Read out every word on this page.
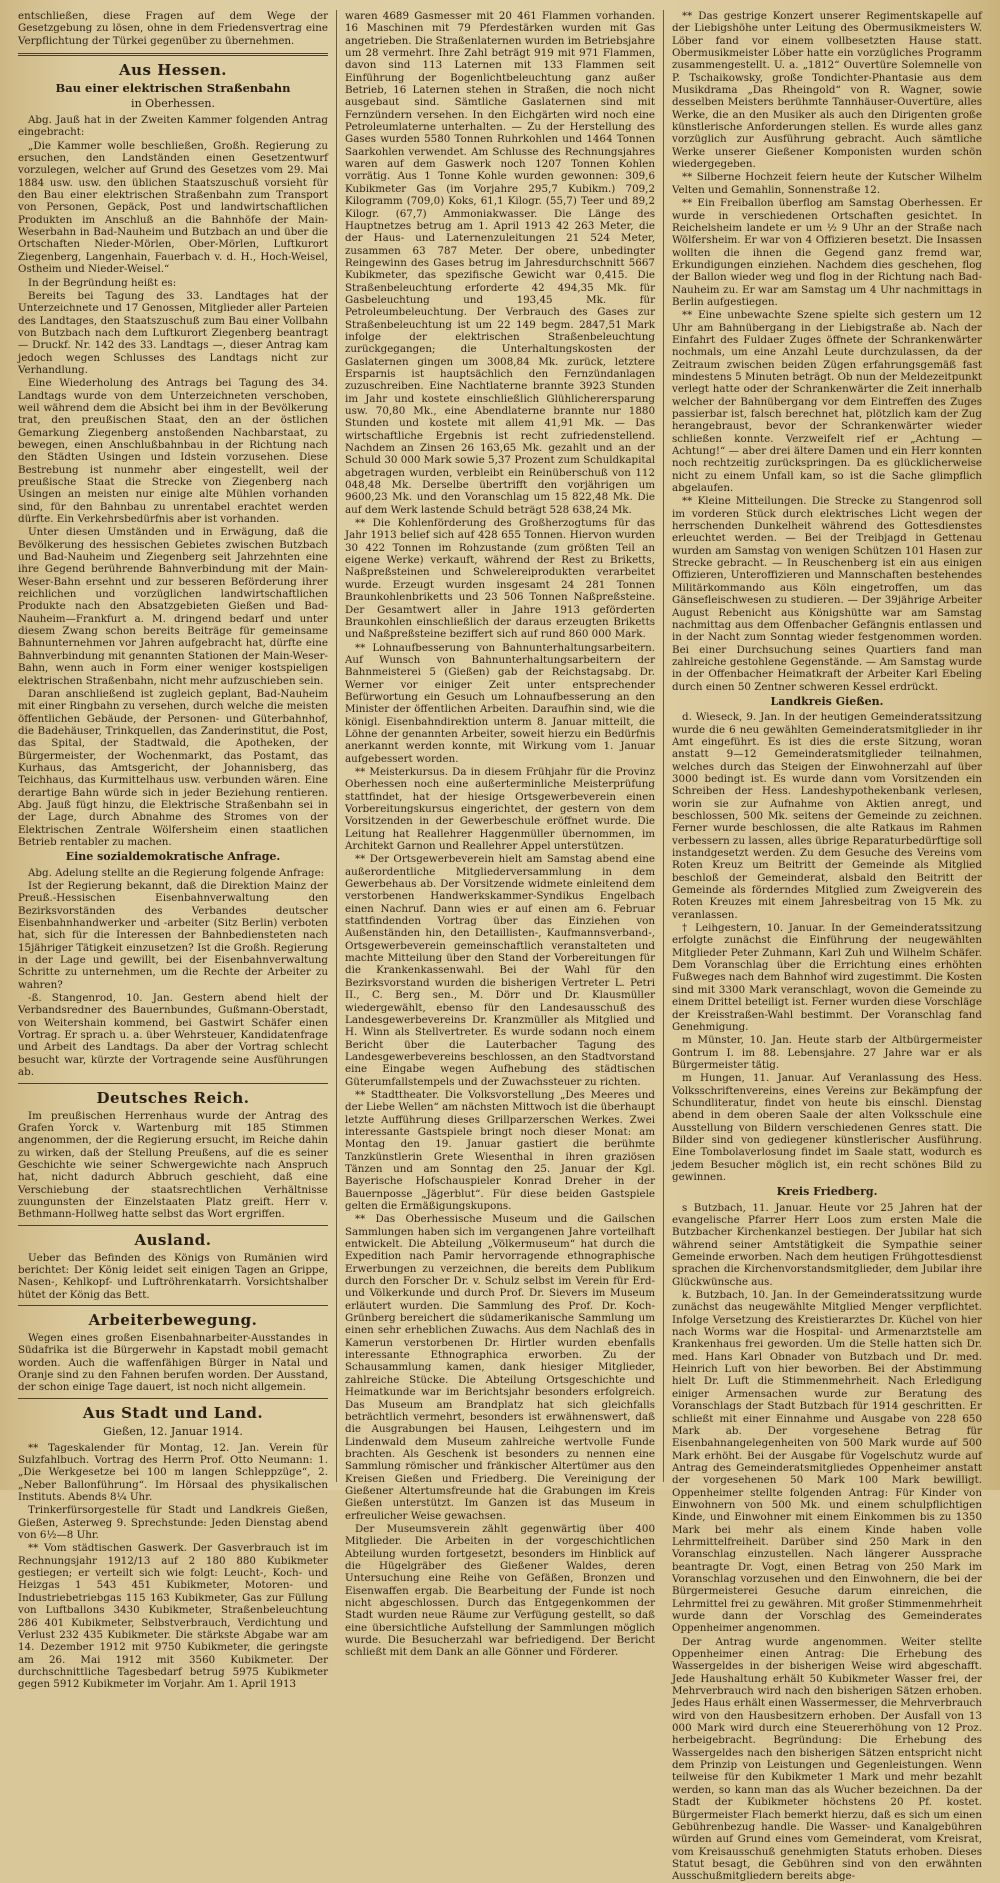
entschließen, diese Fragen auf dem Wege der Gesetzgebung zu lösen, ohne in dem Friedensvertrag eine Verpflichtung der Türkei gegenüber zu übernehmen.

Aus Hessen.
Bau einer elektrischen Straßenbahn
in Oberhessen.

Abg. Jauß hat in der Zweiten Kammer folgenden Antrag eingebracht:

„Die Kammer wolle beschließen, Großh. Regierung zu ersuchen, den Landständen einen Gesetzentwurf vorzulegen, welcher auf Grund des Gesetzes vom 29. Mai 1884 usw. usw. den üblichen Staatszuschuß vorsieht für den Bau einer elektrischen Straßenbahn zum Transport von Personen, Gepäck, Post und landwirtschaftlichen Produkten im Anschluß an die Bahnhöfe der Main-Weserbahn in Bad-Nauheim und Butzbach an und über die Ortschaften Nieder-Mörlen, Ober-Mörlen, Luftkurort Ziegenberg, Langenhain, Fauerbach v. d. H., Hoch-Weisel, Ostheim und Nieder-Weisel.“

In der Begründung heißt es:

Bereits bei Tagung des 33. Landtages hat der Unterzeichnete und 17 Genossen, Mitglieder aller Parteien des Landtages, den Staatszuschuß zum Bau einer Vollbahn von Butzbach nach dem Luftkurort Ziegenberg beantragt — Druckf. Nr. 142 des 33. Landtags —, dieser Antrag kam jedoch wegen Schlusses des Landtags nicht zur Verhandlung.

Eine Wiederholung des Antrags bei Tagung des 34. Landtags wurde von dem Unterzeichneten verschoben, weil während dem die Absicht bei ihm in der Bevölkerung trat, den preußischen Staat, den an der östlichen Gemarkung Ziegenberg anstoßenden Nachbarstaat, zu bewegen, einen Anschlußbahnbau in der Richtung nach den Städten Usingen und Idstein vorzusehen. Diese Bestrebung ist nunmehr aber eingestellt, weil der preußische Staat die Strecke von Ziegenberg nach Usingen an meisten nur einige alte Mühlen vorhanden sind, für den Bahnbau zu unrentabel erachtet werden dürfte. Ein Verkehrsbedürfnis aber ist vorhanden.

Unter diesen Umständen und in Erwägung, daß die Bevölkerung des hessischen Gebietes zwischen Butzbach und Bad-Nauheim und Ziegenberg seit Jahrzehnten eine ihre Gegend berührende Bahnverbindung mit der Main-Weser-Bahn ersehnt und zur besseren Beförderung ihrer reichlichen und vorzüglichen landwirtschaftlichen Produkte nach den Absatzgebieten Gießen und Bad-Nauheim—Frankfurt a. M. dringend bedarf und unter diesem Zwang schon bereits Beiträge für gemeinsame Bahnunternehmen vor Jahren aufgebracht hat, dürfte eine Bahnverbindung mit genannten Stationen der Main-Weser-Bahn, wenn auch in Form einer weniger kostspieligen elektrischen Straßenbahn, nicht mehr aufzuschieben sein.

Daran anschließend ist zugleich geplant, Bad-Nauheim mit einer Ringbahn zu versehen, durch welche die meisten öffentlichen Gebäude, der Personen- und Güterbahnhof, die Badehäuser, Trinkquellen, das Zanderinstitut, die Post, das Spital, der Stadtwald, die Apotheken, der Bürgermeister, der Wochenmarkt, das Postamt, das Kurhaus, das Amtsgericht, der Johannisberg, das Teichhaus, das Kurmittelhaus usw. verbunden wären. Eine derartige Bahn würde sich in jeder Beziehung rentieren. Abg. Jauß fügt hinzu, die Elektrische Straßenbahn sei in der Lage, durch Abnahme des Stromes von der Elektrischen Zentrale Wölfersheim einen staatlichen Betrieb rentabler zu machen.

Eine sozialdemokratische Anfrage.

Abg. Adelung stellte an die Regierung folgende Anfrage:

Ist der Regierung bekannt, daß die Direktion Mainz der Preuß.-Hessischen Eisenbahnverwaltung den Bezirksvorständen des Verbandes deutscher Eisenbahnhandwerker und -arbeiter (Sitz Berlin) verboten hat, sich für die Interessen der Bahnbediensteten nach 15jähriger Tätigkeit einzusetzen? Ist die Großh. Regierung in der Lage und gewillt, bei der Eisenbahnverwaltung Schritte zu unternehmen, um die Rechte der Arbeiter zu wahren?

-ß. Stangenrod, 10. Jan. Gestern abend hielt der Verbandsredner des Bauernbundes, Gußmann-Oberstadt, von Weitershain kommend, bei Gastwirt Schäfer einen Vortrag. Er sprach u. a. über Wehrsteuer, Kandidatenfrage und Arbeit des Landtags. Da aber der Vortrag schlecht besucht war, kürzte der Vortragende seine Ausführungen ab.

Deutsches Reich.

Im preußischen Herrenhaus wurde der Antrag des Grafen Yorck v. Wartenburg mit 185 Stimmen angenommen, der die Regierung ersucht, im Reiche dahin zu wirken, daß der Stellung Preußens, auf die es seiner Geschichte wie seiner Schwergewichte nach Anspruch hat, nicht dadurch Abbruch geschieht, daß eine Verschiebung der staatsrechtlichen Verhältnisse zuungunsten der Einzelstaaten Platz greift. Herr v. Bethmann-Hollweg hatte selbst das Wort ergriffen.

Ausland.

Ueber das Befinden des Königs von Rumänien wird berichtet: Der König leidet seit einigen Tagen an Grippe, Nasen-, Kehlkopf- und Luftröhrenkatarrh. Vorsichtshalber hütet der König das Bett.

Arbeiterbewegung.

Wegen eines großen Eisenbahnarbeiter-Ausstandes in Südafrika ist die Bürgerwehr in Kapstadt mobil gemacht worden. Auch die waffenfähigen Bürger in Natal und Oranje sind zu den Fahnen berufen worden. Der Ausstand, der schon einige Tage dauert, ist noch nicht allgemein.

Aus Stadt und Land.
Gießen, 12. Januar 1914.

** Tageskalender für Montag, 12. Jan. Verein für Sulzfahlbuch. Vortrag des Herrn Prof. Otto Neumann: 1. „Die Werkgesetze bei 100 m langen Schleppzüge“, 2. „Neber Ballonführung“. Im Hörsaal des physikalischen Instituts. Abends 8¼ Uhr.

Trinkerfürsorgestelle für Stadt und Landkreis Gießen, Gießen, Asterweg 9. Sprechstunde: Jeden Dienstag abend von 6½—8 Uhr.

** Vom städtischen Gaswerk. Der Gasverbrauch ist im Rechnungsjahr 1912/13 auf 2 180 880 Kubikmeter gestiegen; er verteilt sich wie folgt: Leucht-, Koch- und Heizgas 1 543 451 Kubikmeter, Motoren- und Industriebetriebgas 115 163 Kubikmeter, Gas zur Füllung von Luftballons 3430 Kubikmeter, Straßenbeleuchtung 286 401 Kubikmeter, Selbstverbrauch, Verdichtung und Verlust 232 435 Kubikmeter. Die stärkste Abgabe war am 14. Dezember 1912 mit 9750 Kubikmeter, die geringste am 26. Mai 1912 mit 3560 Kubikmeter. Der durchschnittliche Tagesbedarf betrug 5975 Kubikmeter gegen 5912 Kubikmeter im Vorjahr. Am 1. April 1913

waren 4689 Gasmesser mit 20 461 Flammen vorhanden. 16 Maschinen mit 79 Pferdestärken wurden mit Gas angetrieben. Die Straßenlaternen wurden im Betriebsjahre um 28 vermehrt. Ihre Zahl beträgt 919 mit 971 Flammen, davon sind 113 Laternen mit 133 Flammen seit Einführung der Bogenlichtbeleuchtung ganz außer Betrieb, 16 Laternen stehen in Straßen, die noch nicht ausgebaut sind. Sämtliche Gaslaternen sind mit Fernzündern versehen. In den Eichgärten wird noch eine Petroleumlaterne unterhalten. — Zu der Herstellung des Gases wurden 5580 Tonnen Ruhrkohlen und 1464 Tonnen Saarkohlen verwendet. Am Schlusse des Rechnungsjahres waren auf dem Gaswerk noch 1207 Tonnen Kohlen vorrätig. Aus 1 Tonne Kohle wurden gewonnen: 309,6 Kubikmeter Gas (im Vorjahre 295,7 Kubikm.) 709,2 Kilogramm (709,0) Koks, 61,1 Kilogr. (55,7) Teer und 89,2 Kilogr. (67,7) Ammoniakwasser. Die Länge des Hauptnetzes betrug am 1. April 1913 42 263 Meter, die der Haus- und Laternenzuleitungen 21 524 Meter, zusammen 63 787 Meter. Der obere, unbedingter Reingewinn des Gases betrug im Jahresdurchschnitt 5667 Kubikmeter, das spezifische Gewicht war 0,415. Die Straßenbeleuchtung erforderte 42 494,35 Mk. für Gasbeleuchtung und 193,45 Mk. für Petroleumbeleuchtung. Der Verbrauch des Gases zur Straßenbeleuchtung ist um 22 149 begm. 2847,51 Mark infolge der elektrischen Straßenbeleuchtung zurückgegangen; die Unterhaltungskosten der Gaslaternen gingen um 3008,84 Mk. zurück, letztere Ersparnis ist hauptsächlich den Fernzündanlagen zuzuschreiben. Eine Nachtlaterne brannte 3923 Stunden im Jahr und kostete einschließlich Glühlicherersparung usw. 70,80 Mk., eine Abendlaterne brannte nur 1880 Stunden und kostete mit allem 41,91 Mk. — Das wirtschaftliche Ergebnis ist recht zufriedenstellend. Nachdem an Zinsen 26 163,65 Mk. gezahlt und an der Schuld 30 000 Mark sowie 5,37 Prozent zum Schuldkapital abgetragen wurden, verbleibt ein Reinüberschuß von 112 048,48 Mk. Derselbe übertrifft den vorjährigen um 9600,23 Mk. und den Voranschlag um 15 822,48 Mk. Die auf dem Werk lastende Schuld beträgt 528 638,24 Mk.

** Die Kohlenförderung des Großherzogtums für das Jahr 1913 belief sich auf 428 655 Tonnen. Hiervon wurden 30 422 Tonnen im Rohzustande (zum größten Teil an eigene Werke) verkauft, während der Rest zu Briketts, Naßpreßsteinen und Schwelereiprodukten verarbeitet wurde. Erzeugt wurden insgesamt 24 281 Tonnen Braunkohlenbriketts und 23 506 Tonnen Naßpreßsteine. Der Gesamtwert aller in Jahre 1913 geförderten Braunkohlen einschließlich der daraus erzeugten Briketts und Naßpreßsteine beziffert sich auf rund 860 000 Mark.

** Lohnaufbesserung von Bahnunterhaltungsarbeitern. Auf Wunsch von Bahnunterhaltungsarbeitern der Bahnmeisterei 5 (Gießen) gab der Reichstagsabg. Dr. Werner vor einiger Zeit unter entsprechender Befürwortung ein Gesuch um Lohnaufbesserung an den Minister der öffentlichen Arbeiten. Daraufhin sind, wie die königl. Eisenbahndirektion unterm 8. Januar mitteilt, die Löhne der genannten Arbeiter, soweit hierzu ein Bedürfnis anerkannt werden konnte, mit Wirkung vom 1. Januar aufgebessert worden.

** Meisterkursus. Da in diesem Frühjahr für die Provinz Oberhessen noch eine außerterminliche Meisterprüfung stattfindet, hat der hiesige Ortsgewerbeverein einen Vorbereitungskursus eingerichtet, der gestern von dem Vorsitzenden in der Gewerbeschule eröffnet wurde. Die Leitung hat Reallehrer Haggenmüller übernommen, im Architekt Garnon und Reallehrer Appel unterstützen.

** Der Ortsgewerbeverein hielt am Samstag abend eine außerordentliche Mitgliederversammlung in dem Gewerbehaus ab. Der Vorsitzende widmete einleitend dem verstorbenen Handwerkskammer-Syndikus Engelbach einen Nachruf. Dann wies er auf einen am 6. Februar stattfindenden Vortrag über das Einziehen von Außenständen hin, den Detaillisten-, Kaufmannsverband-, Ortsgewerbeverein gemeinschaftlich veranstalteten und machte Mitteilung über den Stand der Vorbereitungen für die Krankenkassenwahl. Bei der Wahl für den Bezirksvorstand wurden die bisherigen Vertreter L. Petri II., C. Berg sen., M. Dörr und Dr. Klausmüller wiedergewählt, ebenso für den Landesausschuß des Landesgewerbevereins Dr. Kranzmüller als Mitglied und H. Winn als Stellvertreter. Es wurde sodann noch einem Bericht über die Lauterbacher Tagung des Landesgewerbevereins beschlossen, an den Stadtvorstand eine Eingabe wegen Aufhebung des städtischen Güterumfallstempels und der Zuwachssteuer zu richten.

** Stadttheater. Die Volksvorstellung „Des Meeres und der Liebe Wellen“ am nächsten Mittwoch ist die überhaupt letzte Aufführung dieses Grillparzerschen Werkes. Zwei interessante Gastspiele bringt noch dieser Monat: am Montag den 19. Januar gastiert die berühmte Tanzkünstlerin Grete Wiesenthal in ihren graziösen Tänzen und am Sonntag den 25. Januar der Kgl. Bayerische Hofschauspieler Konrad Dreher in der Bauernposse „Jägerblut“. Für diese beiden Gastspiele gelten die Ermäßigungskupons.

** Das Oberhessische Museum und die Gailschen Sammlungen haben sich im vergangenen Jahre vorteilhaft entwickelt. Die Abteilung „Völkermuseum“ hat durch die Expedition nach Pamir hervorragende ethnographische Erwerbungen zu verzeichnen, die bereits dem Publikum durch den Forscher Dr. v. Schulz selbst im Verein für Erd- und Völkerkunde und durch Prof. Dr. Sievers im Museum erläutert wurden. Die Sammlung des Prof. Dr. Koch-Grünberg bereichert die südamerikanische Sammlung um einen sehr erheblichen Zuwachs. Aus dem Nachlaß des in Kamerun verstorbenen Dr. Hirtler wurden ebenfalls interessante Ethnographica erworben. Zu der Schausammlung kamen, dank hiesiger Mitglieder, zahlreiche Stücke. Die Abteilung Ortsgeschichte und Heimatkunde war im Berichtsjahr besonders erfolgreich. Das Museum am Brandplatz hat sich gleichfalls beträchtlich vermehrt, besonders ist erwähnenswert, daß die Ausgrabungen bei Hausen, Leihgestern und im Lindenwald dem Museum zahlreiche wertvolle Funde brachten. Als Geschenk ist besonders zu nennen eine Sammlung römischer und fränkischer Altertümer aus den Kreisen Gießen und Friedberg. Die Vereinigung der Gießener Altertumsfreunde hat die Grabungen im Kreis Gießen unterstützt. Im Ganzen ist das Museum in erfreulicher Weise gewachsen.

Der Museumsverein zählt gegenwärtig über 400 Mitglieder. Die Arbeiten in der vorgeschichtlichen Abteilung wurden fortgesetzt, besonders im Hinblick auf die Hügelgräber des Gießener Waldes, deren Untersuchung eine Reihe von Gefäßen, Bronzen und Eisenwaffen ergab. Die Bearbeitung der Funde ist noch nicht abgeschlossen. Durch das Entgegenkommen der Stadt wurden neue Räume zur Verfügung gestellt, so daß eine übersichtliche Aufstellung der Sammlungen möglich wurde. Die Besucherzahl war befriedigend. Der Bericht schließt mit dem Dank an alle Gönner und Förderer.

** Das gestrige Konzert unserer Regimentskapelle auf der Liebigshöhe unter Leitung des Obermusikmeisters W. Löber fand vor einem vollbesetzten Hause statt. Obermusikmeister Löber hatte ein vorzügliches Programm zusammengestellt. U. a. „1812“ Ouvertüre Solemnelle von P. Tschaikowsky, große Tondichter-Phantasie aus dem Musikdrama „Das Rheingold“ von R. Wagner, sowie desselben Meisters berühmte Tannhäuser-Ouvertüre, alles Werke, die an den Musiker als auch den Dirigenten große künstlerische Anforderungen stellen. Es wurde alles ganz vorzüglich zur Ausführung gebracht. Auch sämtliche Werke unserer Gießener Komponisten wurden schön wiedergegeben.

** Silberne Hochzeit feiern heute der Kutscher Wilhelm Velten und Gemahlin, Sonnenstraße 12.

** Ein Freiballon überflog am Samstag Oberhessen. Er wurde in verschiedenen Ortschaften gesichtet. In Reichelsheim landete er um ½ 9 Uhr an der Straße nach Wölfersheim. Er war von 4 Offizieren besetzt. Die Insassen wollten die ihnen die Gegend ganz fremd war, Erkundigungen einziehen. Nachdem dies geschehen, flog der Ballon wieder weg und flog in der Richtung nach Bad-Nauheim zu. Er war am Samstag um 4 Uhr nachmittags in Berlin aufgestiegen.

** Eine unbewachte Szene spielte sich gestern um 12 Uhr am Bahnübergang in der Liebigstraße ab. Nach der Einfahrt des Fuldaer Zuges öffnete der Schrankenwärter nochmals, um eine Anzahl Leute durchzulassen, da der Zeitraum zwischen beiden Zügen erfahrungsgemäß fast mindestens 5 Minuten beträgt. Ob nun der Meldezeitpunkt verlegt hatte oder der Schrankenwärter die Zeit innerhalb welcher der Bahnübergang vor dem Eintreffen des Zuges passierbar ist, falsch berechnet hat, plötzlich kam der Zug herangebraust, bevor der Schrankenwärter wieder schließen konnte. Verzweifelt rief er „Achtung — Achtung!“ — aber drei ältere Damen und ein Herr konnten noch rechtzeitig zurückspringen. Da es glücklicherweise nicht zu einem Unfall kam, so ist die Sache glimpflich abgelaufen.

** Kleine Mitteilungen. Die Strecke zu Stangenrod soll im vorderen Stück durch elektrisches Licht wegen der herrschenden Dunkelheit während des Gottesdienstes erleuchtet werden. — Bei der Treibjagd in Gettenau wurden am Samstag von wenigen Schützen 101 Hasen zur Strecke gebracht. — In Reuschenberg ist ein aus einigen Offizieren, Unteroffizieren und Mannschaften bestehendes Militärkommando aus Köln eingetroffen, um das Gänsefleischwesen zu studieren. — Der 39jährige Arbeiter August Rebenicht aus Königshütte war am Samstag nachmittag aus dem Offenbacher Gefängnis entlassen und in der Nacht zum Sonntag wieder festgenommen worden. Bei einer Durchsuchung seines Quartiers fand man zahlreiche gestohlene Gegenstände. — Am Samstag wurde in der Offenbacher Heimatkraft der Arbeiter Karl Ebeling durch einen 50 Zentner schweren Kessel erdrückt.

Landkreis Gießen.

d. Wieseck, 9. Jan. In der heutigen Gemeinderatssitzung wurde die 6 neu gewählten Gemeinderatsmitglieder in ihr Amt eingeführt. Es ist dies die erste Sitzung, woran anstatt 9—12 Gemeinderatsmitglieder teilnahmen, welches durch das Steigen der Einwohnerzahl auf über 3000 bedingt ist. Es wurde dann vom Vorsitzenden ein Schreiben der Hess. Landeshypothekenbank verlesen, worin sie zur Aufnahme von Aktien anregt, und beschlossen, 500 Mk. seitens der Gemeinde zu zeichnen. Ferner wurde beschlossen, die alte Ratkaus im Rahmen verbessern zu lassen, alles übrige Reparaturbedürftige soll instandgesetzt werden. Zu dem Gesuche des Vereins vom Roten Kreuz um Beitritt der Gemeinde als Mitglied beschloß der Gemeinderat, alsbald den Beitritt der Gemeinde als förderndes Mitglied zum Zweigverein des Roten Kreuzes mit einem Jahresbeitrag von 15 Mk. zu veranlassen.

† Leihgestern, 10. Januar. In der Gemeinderatssitzung erfolgte zunächst die Einführung der neugewählten Mitglieder Peter Zuhmann, Karl Zuh und Wilhelm Schäfer. Dem Voranschlag über die Errichtung eines erhöhten Fußweges nach dem Bahnhof wird zugestimmt. Die Kosten sind mit 3300 Mark veranschlagt, wovon die Gemeinde zu einem Drittel beteiligt ist. Ferner wurden diese Vorschläge der Kreisstraßen-Wahl bestimmt. Der Voranschlag fand Genehmigung.

m Münster, 10. Jan. Heute starb der Altbürgermeister Gontrum I. im 88. Lebensjahre. 27 Jahre war er als Bürgermeister tätig.

m Hungen, 11. Januar. Auf Veranlassung des Hess. Volksschriftenvereins, eines Vereins zur Bekämpfung der Schundliteratur, findet von heute bis einschl. Dienstag abend in dem oberen Saale der alten Volksschule eine Ausstellung von Bildern verschiedenen Genres statt. Die Bilder sind von gediegener künstlerischer Ausführung. Eine Tombolaverlosung findet im Saale statt, wodurch es jedem Besucher möglich ist, ein recht schönes Bild zu gewinnen.

Kreis Friedberg.

s Butzbach, 11. Januar. Heute vor 25 Jahren hat der evangelische Pfarrer Herr Loos zum ersten Male die Butzbacher Kirchenkanzel bestiegen. Der Jubilar hat sich während seiner Amtstätigkeit die Sympathie seiner Gemeinde erworben. Nach dem heutigen Frühgottesdienst sprachen die Kirchenvorstandsmitglieder, dem Jubilar ihre Glückwünsche aus.

k. Butzbach, 10. Jan. In der Gemeinderatssitzung wurde zunächst das neugewählte Mitglied Menger verpflichtet. Infolge Versetzung des Kreistierarztes Dr. Küchel von hier nach Worms war die Hospital- und Armenarztstelle am Krankenhaus frei geworden. Um die Stelle hatten sich Dr. med. Hans Karl Obnader von Butzbach und Dr. med. Heinrich Luft von hier beworben. Bei der Abstimmung hielt Dr. Luft die Stimmenmehrheit. Nach Erledigung einiger Armensachen wurde zur Beratung des Voranschlags der Stadt Butzbach für 1914 geschritten. Er schließt mit einer Einnahme und Ausgabe von 228 650 Mark ab. Der vorgesehene Betrag für Eisenbahnangelegenheiten von 500 Mark wurde auf 500 Mark erhöht. Bei der Ausgabe für Vogelschutz wurde auf Antrag des Gemeinderatsmitgliedes Oppenheimer anstatt der vorgesehenen 50 Mark 100 Mark bewilligt. Oppenheimer stellte folgenden Antrag: Für Kinder von Einwohnern von 500 Mk. und einem schulpflichtigen Kinde, und Einwohner mit einem Einkommen bis zu 1350 Mark bei mehr als einem Kinde haben volle Lehrmittelfreiheit. Darüber sind 250 Mark in den Voranschlag einzustellen. Nach längerer Aussprache beantragte Dr. Vogt, einen Betrag von 250 Mark im Voranschlag vorzusehen und den Einwohnern, die bei der Bürgermeisterei Gesuche darum einreichen, die Lehrmittel frei zu gewähren. Mit großer Stimmenmehrheit wurde dann der Vorschlag des Gemeinderates Oppenheimer angenommen.

Der Antrag wurde angenommen. Weiter stellte Oppenheimer einen Antrag: Die Erhebung des Wassergeldes in der bisherigen Weise wird abgeschafft. Jede Haushaltung erhält 50 Kubikmeter Wasser frei, der Mehrverbrauch wird nach den bisherigen Sätzen erhoben. Jedes Haus erhält einen Wassermesser, die Mehrverbrauch wird von den Hausbesitzern erhoben. Der Ausfall von 13 000 Mark wird durch eine Steuererhöhung von 12 Proz. herbeigebracht. Begründung: Die Erhebung des Wassergeldes nach den bisherigen Sätzen entspricht nicht dem Prinzip von Leistungen und Gegenleistungen. Wenn teilweise für den Kubikmeter 1 Mark und mehr bezahlt werden, so kann man das als Wucher bezeichnen. Da der Stadt der Kubikmeter höchstens 20 Pf. kostet. Bürgermeister Flach bemerkt hierzu, daß es sich um einen Gebührenbezug handle. Die Wasser- und Kanalgebühren würden auf Grund eines vom Gemeinderat, vom Kreisrat, vom Kreisausschuß genehmigten Statuts erhoben. Dieses Statut besagt, die Gebühren sind von den erwähnten Ausschußmitgliedern bereits abge-
